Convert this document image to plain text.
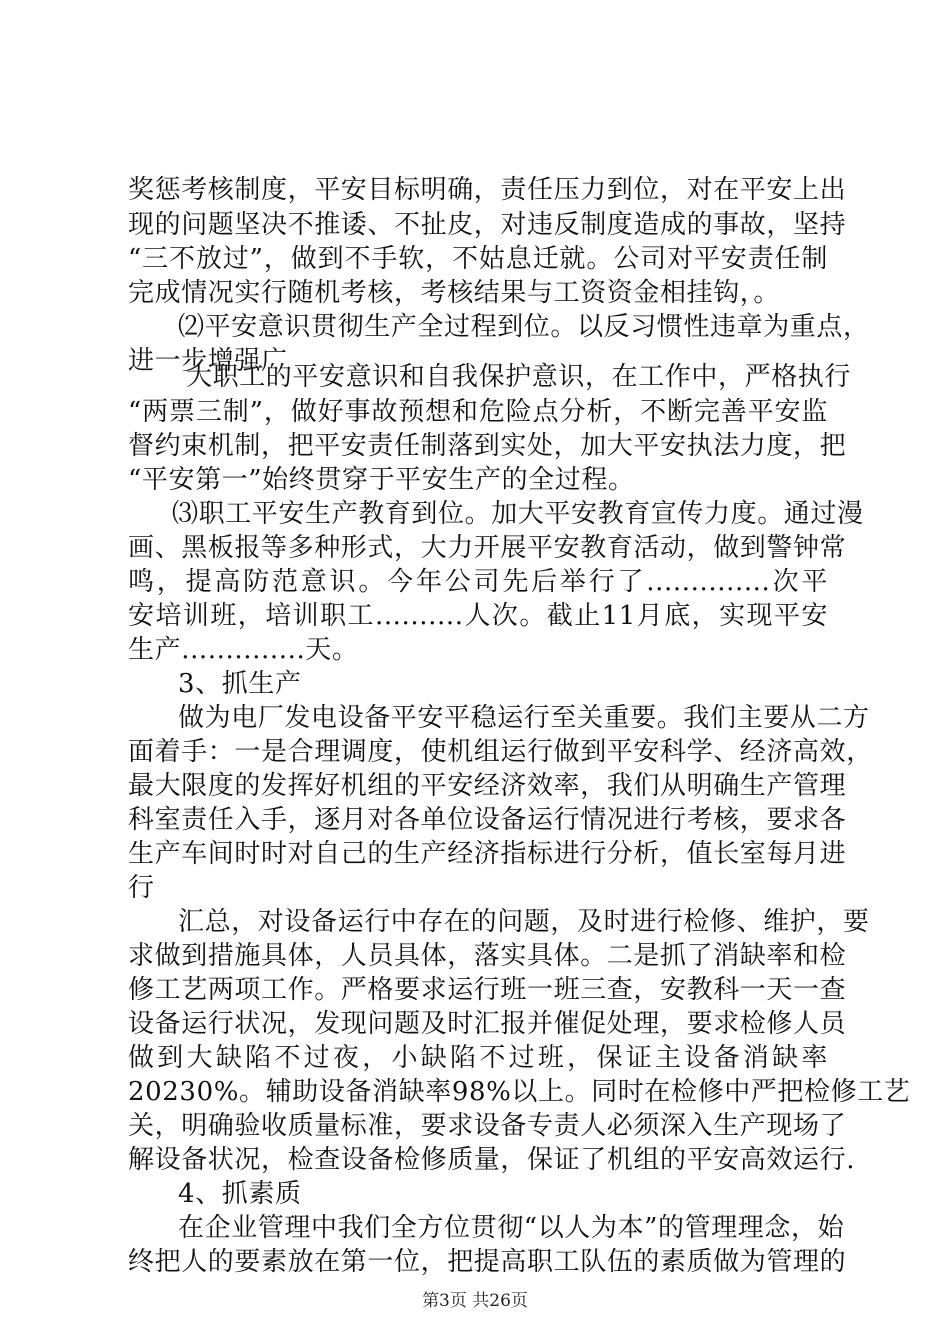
奖惩考核制度，平安目标明确，责任压力到位，对在平安上出
现的问题坚决不推诿、不扯皮，对违反制度造成的事故，坚持
“三不放过”，做到不手软，不姑息迁就。公司对平安责任制
完成情况实行随机考核，考核结果与工资资金相挂钩，。
⑵平安意识贯彻生产全过程到位。以反习惯性违章为重点，
进一步增强广
大职工的平安意识和自我保护意识，在工作中，严格执行
“两票三制”，做好事故预想和危险点分析，不断完善平安监
督约束机制，把平安责任制落到实处，加大平安执法力度，把
“平安第一”始终贯穿于平安生产的全过程。
⑶职工平安生产教育到位。加大平安教育宣传力度。通过漫
画、黑板报等多种形式，大力开展平安教育活动，做到警钟常
鸣，提高防范意识。今年公司先后举行了..............次平
安培训班，培训职工..........人次。截止11月底，实现平安
生产..............天。
3、抓生产
做为电厂发电设备平安平稳运行至关重要。我们主要从二方
面着手：一是合理调度，使机组运行做到平安科学、经济高效，
最大限度的发挥好机组的平安经济效率，我们从明确生产管理
科室责任入手，逐月对各单位设备运行情况进行考核，要求各
生产车间时时对自己的生产经济指标进行分析，值长室每月进
行
汇总，对设备运行中存在的问题，及时进行检修、维护，要
求做到措施具体，人员具体，落实具体。二是抓了消缺率和检
修工艺两项工作。严格要求运行班一班三查，安教科一天一查
设备运行状况，发现问题及时汇报并催促处理，要求检修人员
做到大缺陷不过夜，小缺陷不过班，保证主设备消缺率
20230%。辅助设备消缺率98%以上。同时在检修中严把检修工艺
关，明确验收质量标准，要求设备专责人必须深入生产现场了
解设备状况，检查设备检修质量，保证了机组的平安高效运行.
4、抓素质
在企业管理中我们全方位贯彻“以人为本”的管理理念，始
终把人的要素放在第一位，把提高职工队伍的素质做为管理的
第3页 共26页
